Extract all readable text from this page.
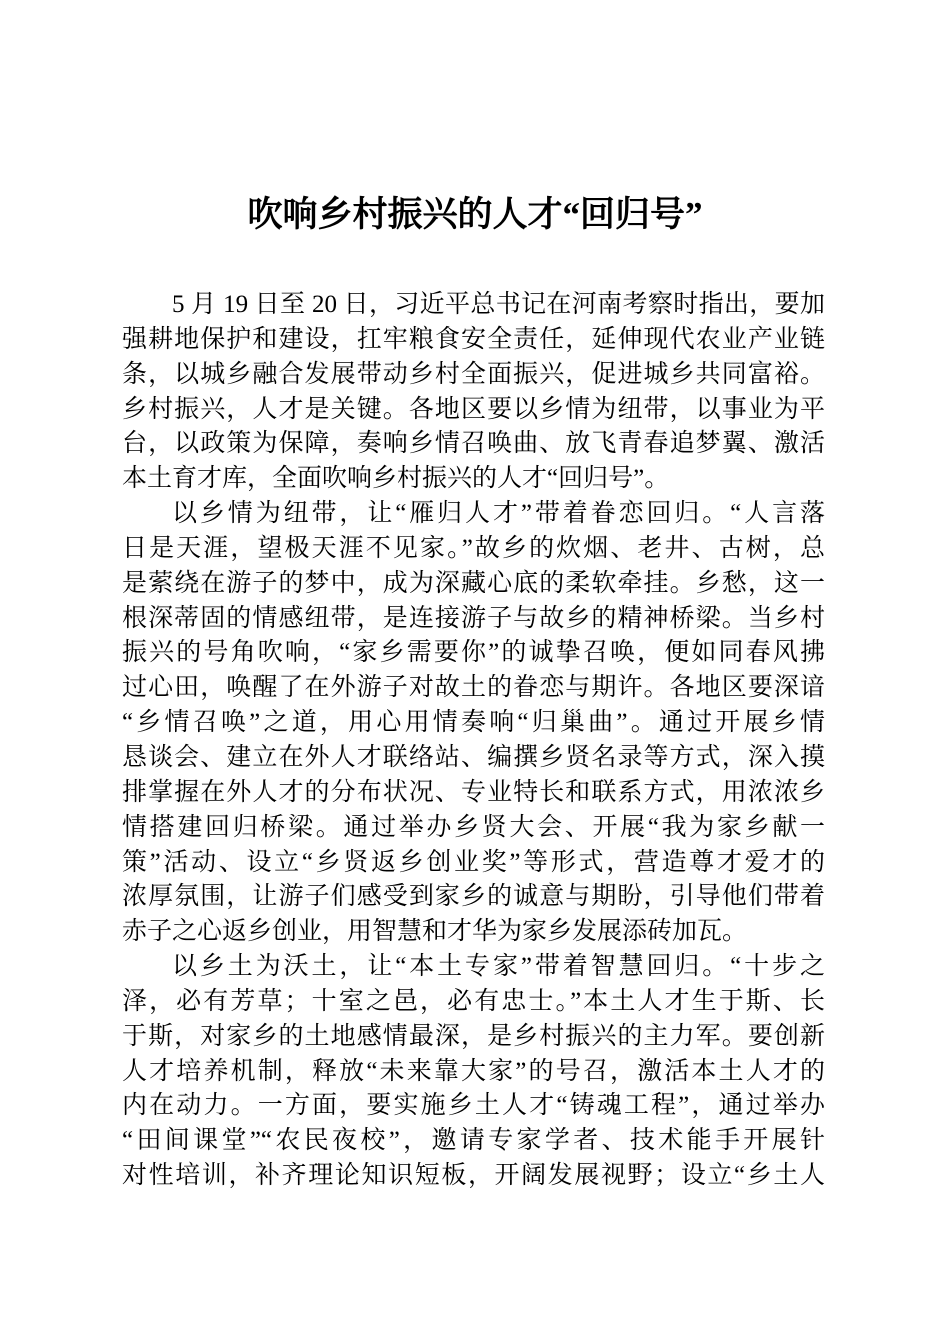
吹响乡村振兴的人才“回归号”
5 月 19 日至 20 日，习近平总书记在河南考察时指出，要加
强耕地保护和建设，扛牢粮食安全责任，延伸现代农业产业链
条，以城乡融合发展带动乡村全面振兴，促进城乡共同富裕。
乡村振兴，人才是关键。各地区要以乡情为纽带，以事业为平
台，以政策为保障，奏响乡情召唤曲、放飞青春追梦翼、激活
本土育才库，全面吹响乡村振兴的人才“回归号”。
以乡情为纽带，让“雁归人才”带着眷恋回归。“人言落
日是天涯，望极天涯不见家。”故乡的炊烟、老井、古树，总
是萦绕在游子的梦中，成为深藏心底的柔软牵挂。乡愁，这一
根深蒂固的情感纽带，是连接游子与故乡的精神桥梁。当乡村
振兴的号角吹响，“家乡需要你”的诚挚召唤，便如同春风拂
过心田，唤醒了在外游子对故土的眷恋与期许。各地区要深谙
“乡情召唤”之道，用心用情奏响“归巢曲”。通过开展乡情
恳谈会、建立在外人才联络站、编撰乡贤名录等方式，深入摸
排掌握在外人才的分布状况、专业特长和联系方式，用浓浓乡
情搭建回归桥梁。通过举办乡贤大会、开展“我为家乡献一
策”活动、设立“乡贤返乡创业奖”等形式，营造尊才爱才的
浓厚氛围，让游子们感受到家乡的诚意与期盼，引导他们带着
赤子之心返乡创业，用智慧和才华为家乡发展添砖加瓦。
以乡土为沃土，让“本土专家”带着智慧回归。“十步之
泽，必有芳草；十室之邑，必有忠士。”本土人才生于斯、长
于斯，对家乡的土地感情最深，是乡村振兴的主力军。要创新
人才培养机制，释放“未来靠大家”的号召，激活本土人才的
内在动力。一方面，要实施乡土人才“铸魂工程”，通过举办
“田间课堂”“农民夜校”，邀请专家学者、技术能手开展针
对性培训，补齐理论知识短板，开阔发展视野；设立“乡土人
